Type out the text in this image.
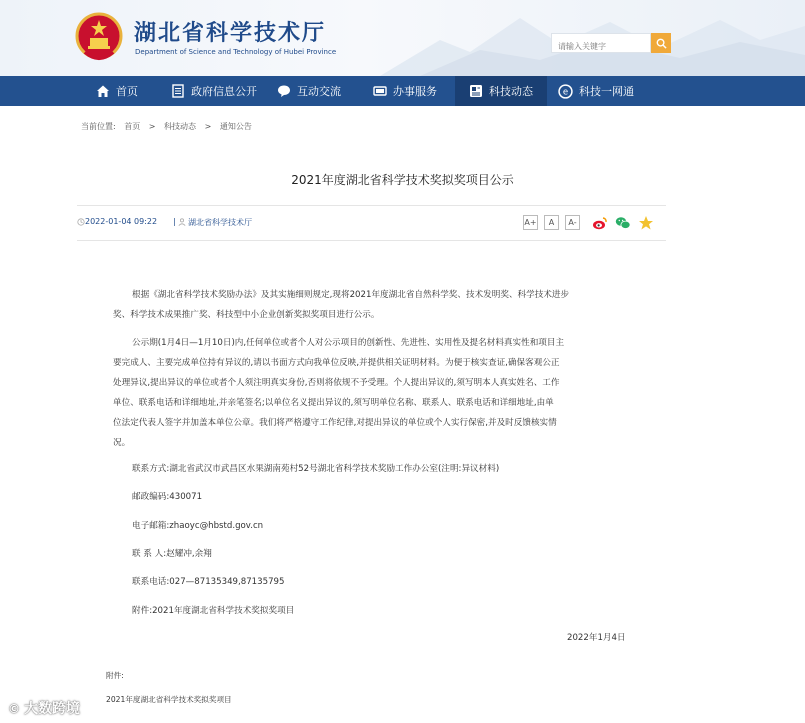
湖北省科学技术厅
Department of Science and Technology of Hubei Province
请输入关键字
首页	政府信息公开	互动交流	办事服务	科技动态	e 科技一网通
当前位置: 首页 > 科技动态 > 通知公告
2021年度湖北省科学技术奖拟奖项目公示
2022-01-04 09:22 | 湖北省科学技术厅	A+	A	A-
根据《湖北省科学技术奖励办法》及其实施细则规定,现将2021年度湖北省自然科学奖、技术发明奖、科学技术进步
奖、科学技术成果推广奖、科技型中小企业创新奖拟奖项目进行公示。
公示期(1月4日—1月10日)内,任何单位或者个人对公示项目的创新性、先进性、实用性及提名材料真实性和项目主
要完成人、主要完成单位持有异议的,请以书面方式向我单位反映,并提供相关证明材料。为便于核实查证,确保客观公正
处理异议,提出异议的单位或者个人须注明真实身份,否则将依规不予受理。个人提出异议的,须写明本人真实姓名、工作
单位、联系电话和详细地址,并亲笔签名;以单位名义提出异议的,须写明单位名称、联系人、联系电话和详细地址,由单
位法定代表人签字并加盖本单位公章。我们将严格遵守工作纪律,对提出异议的单位或个人实行保密,并及时反馈核实情
况。
联系方式:湖北省武汉市武昌区水果湖南苑村52号湖北省科学技术奖励工作办公室(注明:异议材料)
邮政编码:430071
电子邮箱:zhaoyc@hbstd.gov.cn
联 系 人:赵耀冲,余翔
联系电话:027—87135349,87135795
附件:2021年度湖北省科学技术奖拟奖项目
2022年1月4日
附件:
2021年度湖北省科学技术奖拟奖项目
© 大数跨境
